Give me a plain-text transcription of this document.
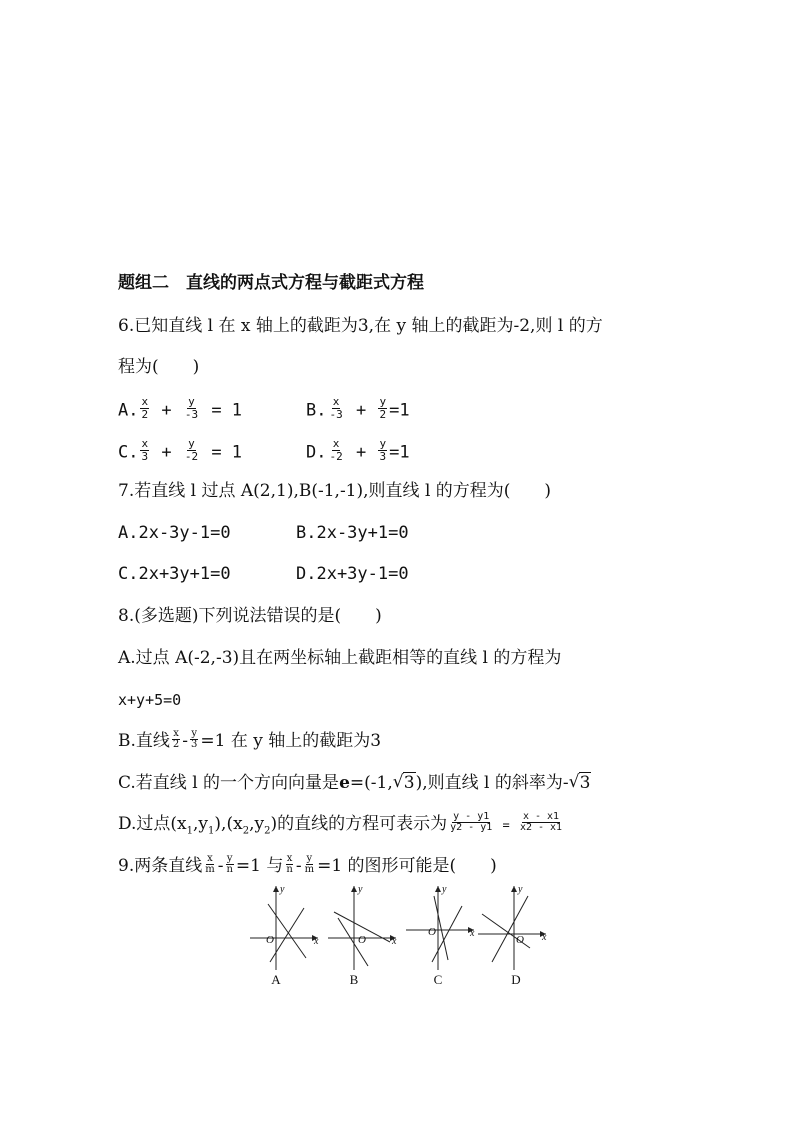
题组二　直线的两点式方程与截距式方程
6.已知直线 l 在 x 轴上的截距为3,在 y 轴上的截距为-2,则 l 的方
程为(　　)
A. $\frac{x}{2} + \frac{y}{-3} = 1$	B. $\frac{x}{-3} + \frac{y}{2} =1$
C. $\frac{x}{3} + \frac{y}{-2} = 1$	D. $\frac{x}{-2} + \frac{y}{3} =1$
7.若直线 l 过点 A(2,1),B(-1,-1),则直线 l 的方程为(　　)
A.2x-3y-1=0	B.2x-3y+1=0
C.2x+3y+1=0	D.2x+3y-1=0
8.(多选题)下列说法错误的是(　　)
A.过点 A(-2,-3)且在两坐标轴上截距相等的直线 l 的方程为
x+y+5=0
B.直线 $\frac{x}{2} - \frac{y}{3} =1$ 在 y 轴上的截距为3
C.若直线 l 的一个方向向量是e=(-1, √ 3),则直线 l 的斜率为- √ 3
D.过点$(x_1,y_1),(x_2,y_2)$的直线的方程可表示为 $\frac{y - y1}{y2 - y1} = \frac{x - x1}{x2 - x1}$
9.两条直线 $\frac{x}{m} - \frac{y}{n} =1$ 与 $\frac{x}{n} - \frac{y}{m} =1$ 的图形可能是(　　)
y
x
O
A
y
x
O
B
y
x
O
C
y
x
O
D
